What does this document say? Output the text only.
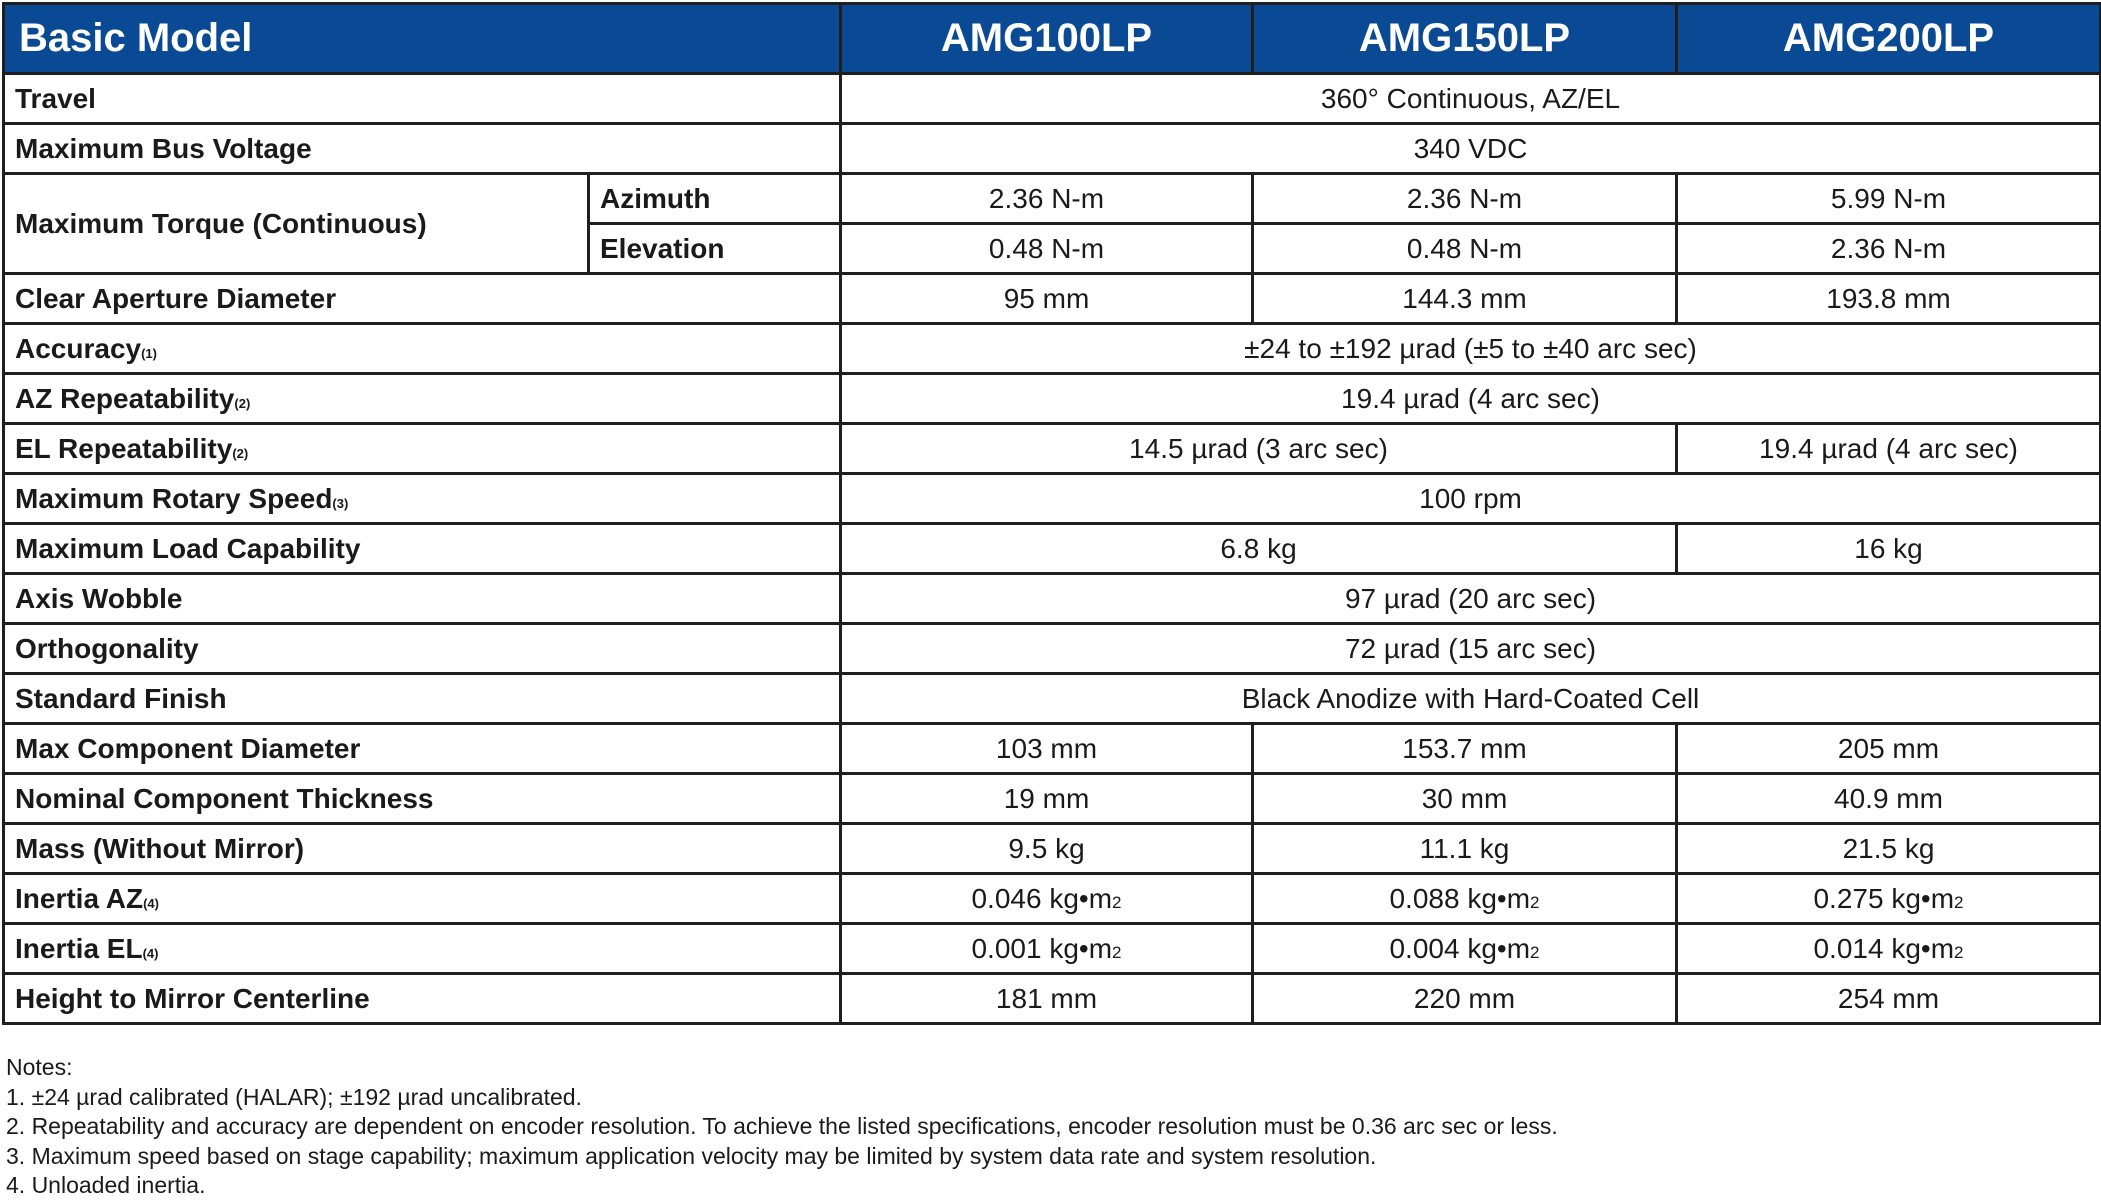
Basic Model		AMG100LP	AMG150LP	AMG200LP
Travel		360° Continuous, AZ/EL		
Maximum Bus Voltage		340 VDC		
Maximum Torque (Continuous)	Azimuth	2.36 N-m	2.36 N-m	5.99 N-m
	Elevation	0.48 N-m	0.48 N-m	2.36 N-m
Clear Aperture Diameter		95 mm	144.3 mm	193.8 mm
Accuracy(1)		±24 to ±192 µrad (±5 to ±40 arc sec)		
AZ Repeatability(2)		19.4 µrad (4 arc sec)		
EL Repeatability(2)		14.5 µrad (3 arc sec)		19.4 µrad (4 arc sec)
Maximum Rotary Speed(3)		100 rpm		
Maximum Load Capability		6.8 kg		16 kg
Axis Wobble		97 µrad (20 arc sec)		
Orthogonality		72 µrad (15 arc sec)		
Standard Finish		Black Anodize with Hard-Coated Cell		
Max Component Diameter		103 mm	153.7 mm	205 mm
Nominal Component Thickness		19 mm	30 mm	40.9 mm
Mass (Without Mirror)		9.5 kg	11.1 kg	21.5 kg
Inertia AZ(4)		0.046 kg•m2	0.088 kg•m2	0.275 kg•m2
Inertia EL(4)		0.001 kg•m2	0.004 kg•m2	0.014 kg•m2
Height to Mirror Centerline		181 mm	220 mm	254 mm
Notes:
1. ±24 µrad calibrated (HALAR); ±192 µrad uncalibrated.
2. Repeatability and accuracy are dependent on encoder resolution. To achieve the listed specifications, encoder resolution must be 0.36 arc sec or less.
3. Maximum speed based on stage capability; maximum application velocity may be limited by system data rate and system resolution.
4. Unloaded inertia.
